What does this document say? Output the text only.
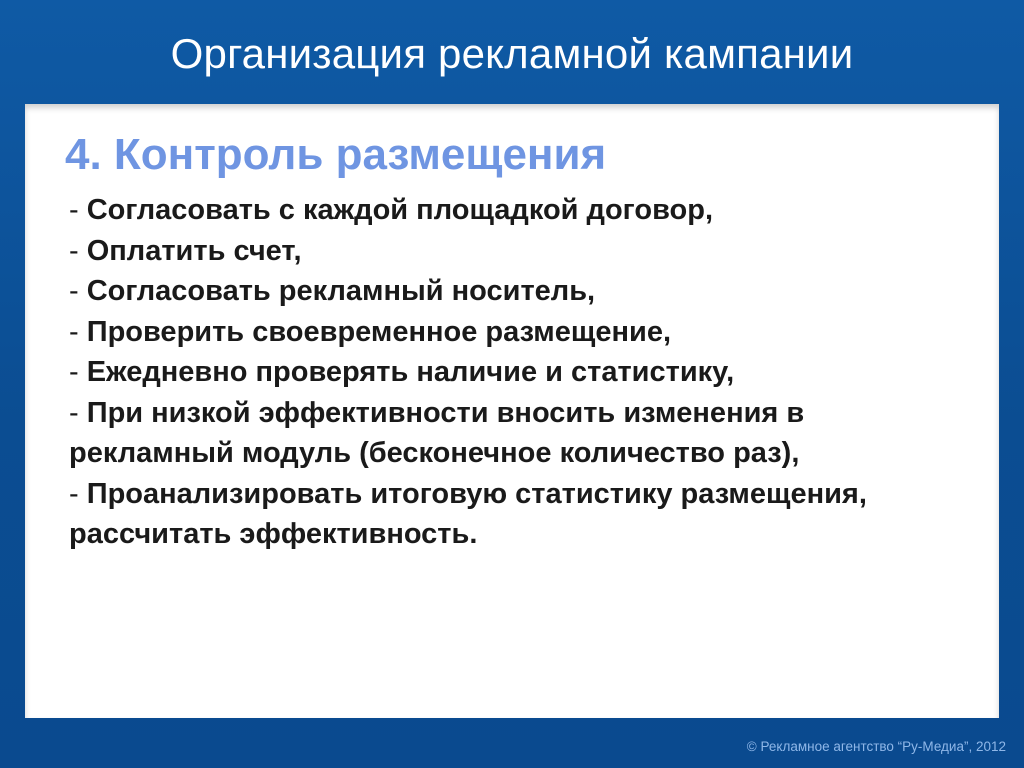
Организация рекламной кампании
4. Контроль размещения
- Согласовать с каждой площадкой договор,
- Оплатить счет,
- Согласовать рекламный носитель,
- Проверить своевременное размещение,
- Ежедневно проверять наличие и статистику,
- При низкой эффективности вносить изменения в рекламный модуль (бесконечное количество раз),
- Проанализировать итоговую статистику размещения, рассчитать эффективность.
© Рекламное агентство “Ру-Медиа”, 2012
